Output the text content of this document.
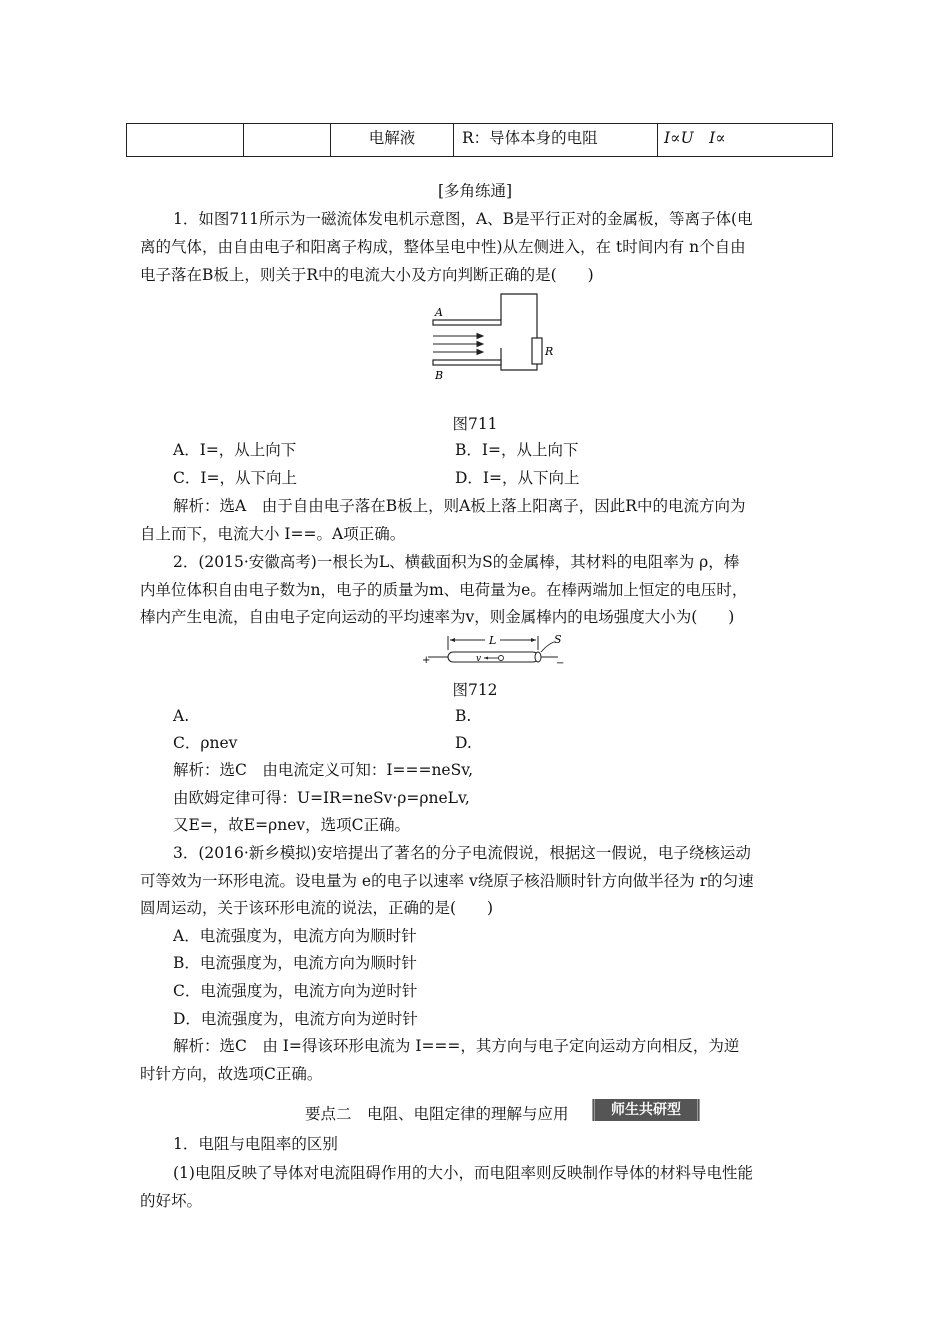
		电解液	R：导体本身的电阻	I∝U　I∝
[多角练通]
1．如图711所示为一磁流体发电机示意图，A、B是平行正对的金属板，等离子体(电
离的气体，由自由电子和阳离子构成，整体呈电中性)从左侧进入，在 t时间内有 n个自由
电子落在B板上，则关于R中的电流大小及方向判断正确的是(　　)
A
B
R
图711
A．I=，从上向下	B．I=，从上向下
C．I=，从下向上	D．I=，从下向上
解析：选A　由于自由电子落在B板上，则A板上落上阳离子，因此R中的电流方向为
自上而下，电流大小 I==。A项正确。
2．(2015·安徽高考)一根长为L、横截面积为S的金属棒，其材料的电阻率为 ρ，棒
内单位体积自由电子数为n，电子的质量为m、电荷量为e。在棒两端加上恒定的电压时，
棒内产生电流，自由电子定向运动的平均速率为v，则金属棒内的电场强度大小为(　　)
L
+	−
v
S
图712
A.	B.
C．ρnev	D.
解析：选C　由电流定义可知：I===neSv,
由欧姆定律可得：U=IR=neSv·ρ=ρneLv,
又E=，故E=ρnev，选项C正确。
3．(2016·新乡模拟)安培提出了著名的分子电流假说，根据这一假说，电子绕核运动
可等效为一环形电流。设电量为 e的电子以速率 v绕原子核沿顺时针方向做半径为 r的匀速
圆周运动，关于该环形电流的说法，正确的是(　　)
A．电流强度为，电流方向为顺时针
B．电流强度为，电流方向为顺时针
C．电流强度为，电流方向为逆时针
D．电流强度为，电流方向为逆时针
解析：选C　由 I=得该环形电流为 I===，其方向与电子定向运动方向相反，为逆
时针方向，故选项C正确。
要点二　电阻、电阻定律的理解与应用	师生共研型
1．电阻与电阻率的区别
(1)电阻反映了导体对电流阻碍作用的大小，而电阻率则反映制作导体的材料导电性能
的好坏。
